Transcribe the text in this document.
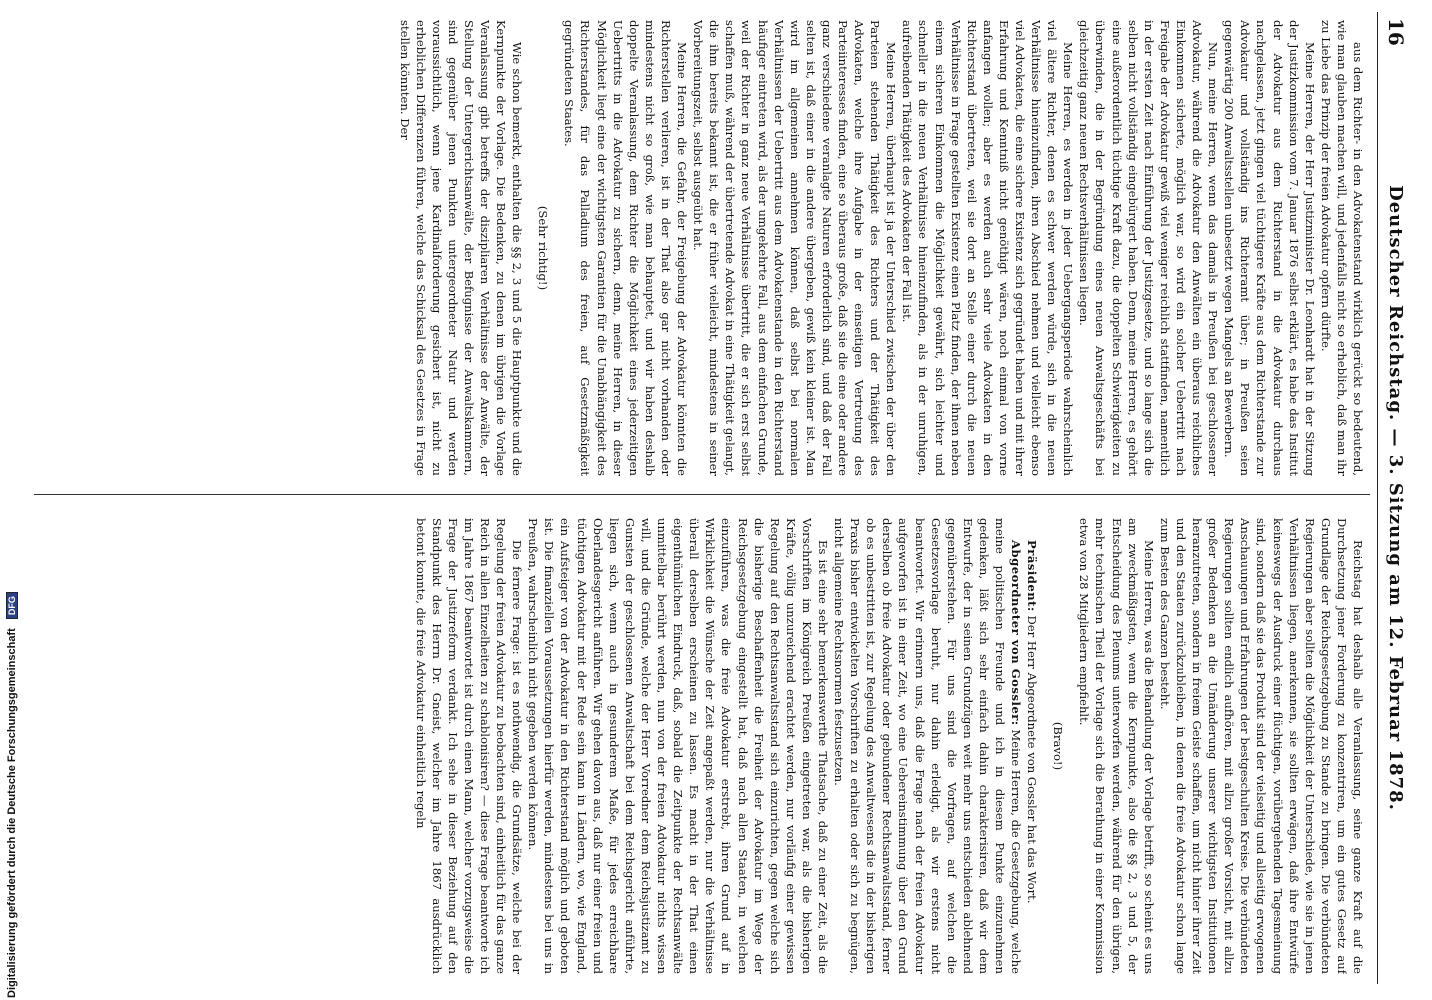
16
Deutscher Reichstag. — 3. Sitzung am 12. Februar 1878.

aus dem Richter- in den Advokatenstand wirklich gerückt so bedeutend, wie man glauben machen will, und jedenfalls nicht so erheblich, daß man ihr zu Liebe das Prinzip der freien Advokatur opfern dürfte.

Meine Herren, der Herr Justizminister Dr. Leonhardt hat in der Sitzung der Justizkommission vom 7. Januar 1876 selbst erklärt, es habe das Institut der Advokatur aus dem Richterstand in die Advokatur durchaus nachgelassen, jetzt gingen viel tüchtigere Kräfte aus dem Richterstande zur Advokatur und vollständig ins Richteramt über; in Preußen seien gegenwärtig 200 Anwaltsstellen unbesetzt wegen Mangels an Bewerbern.

Nun, meine Herren, wenn das damals in Preußen bei geschlossener Advokatur, während die Advokatur den Anwälten ein überaus reichliches Einkommen sicherte, möglich war, so wird ein solcher Uebertritt nach Freigabe der Advokatur gewiß viel weniger reichlich stattfinden, namentlich in der ersten Zeit nach Einführung der Justizgesetze, und so lange sich die selben nicht vollständig eingebürgert haben. Denn, meine Herren, es gehört eine außerordentlich tüchtige Kraft dazu, die doppelten Schwierigkeiten zu überwinden, die in der Begründung eines neuen Anwaltsgeschäfts bei gleichzeitig ganz neuen Rechtsverhältnissen liegen.

Meine Herren, es werden in jeder Uebergangsperiode wahrscheinlich viel ältere Richter, denen es schwer werden würde, sich in die neuen Verhältnisse hineinzufinden, ihren Abschied nehmen und vielleicht ebenso viel Advokaten, die eine sichere Existenz sich gegründet haben und mit ihrer Erfahrung und Kenntniß nicht genöthigt wären, noch einmal von vorne anfangen wollen; aber es werden auch sehr viele Advokaten in den Richterstand übertreten, weil sie dort an Stelle einer durch die neuen Verhältnisse in Frage gestellten Existenz einen Platz finden, der ihnen neben einem sicheren Einkommen die Möglichkeit gewährt, sich leichter und schneller in die neuen Verhältnisse hineinzufinden, als in der unruhigen, aufreibenden Thätigkeit des Advokaten der Fall ist.

Meine Herren, überhaupt ist ja der Unterschied zwischen der über den Parteien stehenden Thätigkeit des Richters und der Thätigkeit des Advokaten, welche ihre Aufgabe in der einseitigen Vertretung des Parteiinteresses finden, eine so überaus große, daß sie die eine oder andere ganz verschiedene veranlagte Naturen erforderlich sind, und daß der Fall selten ist, daß einer in die andere übergeben, gewiß kein kleiner ist. Man wird im allgemeinen annehmen können, daß selbst bei normalen Verhältnissen der Uebertritt aus dem Advokatenstande in den Richterstand häufiger eintreten wird, als der umgekehrte Fall, aus dem einfachen Grunde, weil der Richter in ganz neue Verhältnisse übertritt, die er sich erst selbst schaffen muß, während der übertretende Advokat in eine Thätigkeit gelangt, die ihm bereits bekannt ist, die er früher vielleicht, mindestens in seiner Vorbereitungszeit, selbst ausgeübt hat.

Meine Herren, die Gefahr, der Freigebung der Advokatur könnten die Richterstellen verlieren, ist in der That also gar nicht vorhanden oder mindestens nicht so groß, wie man behauptet, und wir haben deshalb doppelte Veranlassung, dem Richter die Möglichkeit eines jederzeitigen Uebertritts in die Advokatur zu sichern, denn, meine Herren, in dieser Möglichkeit liegt eine der wichtigsten Garantien für die Unabhängigkeit des Richterstandes, für das Palladium des freien, auf Gesetzmäßigkeit gegründeten Staates.

(Sehr richtig!)

Wie schon bemerkt, enthalten die §§ 2, 3 und 5 die Hauptpunkte und die Kernpunkte der Vorlage. Die Bedenken, zu denen im übrigen die Vorlage Veranlassung gibt betreffs der diszipliaren Verhältnisse der Anwälte, der Stellung der Untergerichtsanwälte, der Befugnisse der Anwaltskammern, sind gegenüber jenen Punkten untergeordneter Natur und werden voraussichtlich, wenn jene Kardinalforderung gesichert ist, nicht zu erheblichen Differenzen führen, welche das Schicksal des Gesetzes in Frage stellen könnten. Der

Reichstag hat deshalb alle Veranlassung, seine ganze Kraft auf die Durchsetzung jener Forderung zu konzentriren, um ein gutes Gesetz auf Grundlage der Reichsgesetzgebung zu Stande zu bringen. Die verbündeten Regierungen aber sollten die Möglichkeit der Unterschiede, wie sie in jenen Verhältnissen liegen, anerkennen, sie sollten erwägen, daß ihre Entwürfe keineswegs der Ausdruck einer flüchtigen, vorübergehenden Tagesmeinung sind, sondern daß sie das Produkt sind der vielseitig und allseitig erwogenen Anschauungen und Erfahrungen der bestgeschulten Kreise. Die verbündeten Regierungen sollten endlich aufhören, mit allzu großer Vorsicht, mit allzu großer Bedenken an die Umänderung unserer wichtigsten Institutionen heranzutreten, sondern in freiem Geiste schaffen, um nicht hinter ihrer Zeit und den Staaten zurückzubleiben, in denen die freie Advokatur schon lange zum Besten des Ganzen besteht.

Meine Herren, was die Behandlung der Vorlage betrifft, so scheint es uns am zweckmäßigsten, wenn die Kernpunkte, also die §§ 2, 3 und 5, der Entscheidung des Plenums unterworfen werden, während für den übrigen, mehr technischen Theil der Vorlage sich die Berathung in einer Kommission etwa von 28 Mitgliedern empfiehlt.

(Bravo!)

Präsident: Der Herr Abgeordnete von Gossler hat das Wort.

Abgeordneter von Gossler: Meine Herren, die Gesetzgebung, welche meine politischen Freunde und ich in diesem Punkte einzunehmen gedenken, läßt sich sehr einfach dahin charakterisiren, daß wir dem Entwurfe, der in seinen Grundzügen weit mehr uns entschieden ablehnend gegenüberstehen. Für uns sind die Vorfragen, auf welchen die Gesetzesvorlage beruht, nur dahin erledigt, als wir erstens nicht beantwortet. Wir erinnern uns, daß die Frage nach der freien Advokatur aufgeworfen ist in einer Zeit, wo eine Uebereinstimmung über den Grund derselben ob freie Advokatur oder gebundener Rechtsanwaltsstand, ferner ob es unbestritten ist, zur Regelung des Anwaltwesens die in der bisherigen Praxis bisher entwickelten Vorschriften zu erhalten oder sich zu begnügen, nicht allgemeine Rechtsnormen festzusetzen.

Es ist eine sehr bemerkenswerthe Thatsache, daß zu einer Zeit, als die Vorschriften im Königreich Preußen eingetreten war, als die bisherigen Kräfte, völlig unzureichend erachtet werden, nur vorläufig einer gewissen Regelung auf den Rechtsanwaltsstand sich einzurichten, gegen welche sich die bisherige Beschaffenheit die Freiheit der Advokatur im Wege der Reichsgesetzgebung eingestellt hat, daß nach allen Staaten, in welchen einzuführen, was die freie Advokatur erstrebt, ihren Grund auf in Wirklichkeit die Wünsche der Zeit angepaßt werden, nur die Verhältnisse überall derselben erscheinen zu lassen. Es macht in der That einen eigenthümlichen Eindruck, daß, sobald die Zeitpunkte der Rechtsanwälte unmittelbar berührt werden, nun von der freien Advokatur nichts wissen will, und die Gründe, welche der Herr Vorredner dem Reichsjustizamt zu Gunsten der geschlossenen Anwaltschaft bei dem Reichsgericht anführte, liegen sich, wenn auch in gesunderem Maße, für jedes erreichbare Oberlandesgericht anführen. Wir gehen davon aus, daß nur einer freien und tüchtigen Advokatur mit der Rede sein kann in Ländern, wo, wie England, ein Aufsteiger von der Advokatur in den Richterstand möglich und geboten ist. Die finanziellen Voraussetzungen hierfür werden, mindestens bei uns in Preußen, wahrscheinlich nicht gegeben werden können.

Die fernere Frage: ist es nothwendig, die Grundsätze, welche bei der Regelung der freien Advokatur zu beobachten sind, einheitlich für das ganze Reich in allen Einzelheiten zu schablonisiren? — diese Frage beantworte ich im Jahre 1867 beantwortet ist durch einen Mann, welcher vorzugsweise die Frage der Justizreform verdankt. Ich sehe in dieser Beziehung auf den Standpunkt des Herrn Dr. Gneist, welcher im Jahre 1867 ausdrücklich betont konnte, die freie Advokatur einheitlich regeln

Digitalisierung gefördert durch die Deutsche Forschungsgemeinschaft DFG
